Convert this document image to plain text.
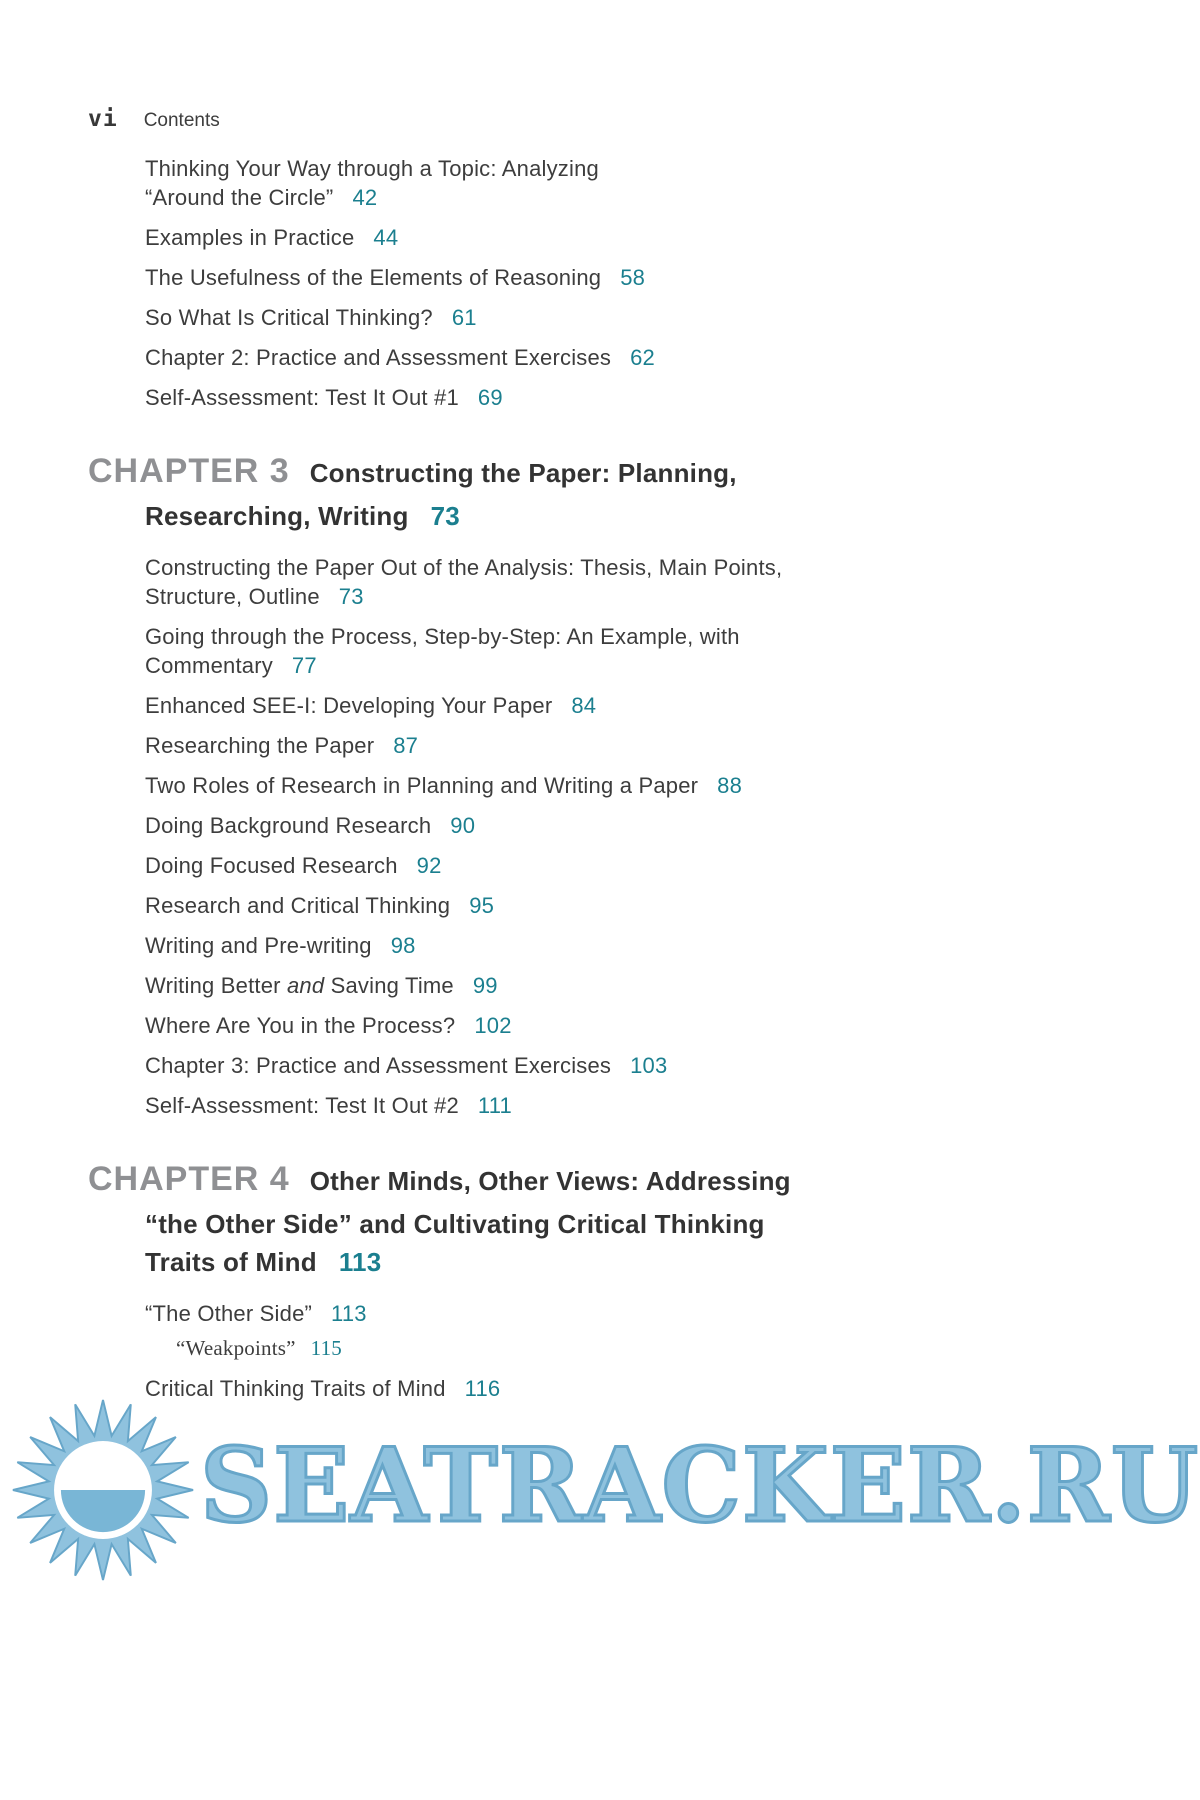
vi Contents
Thinking Your Way through a Topic: Analyzing
“Around the Circle” 42
Examples in Practice 44
The Usefulness of the Elements of Reasoning 58
So What Is Critical Thinking? 61
Chapter 2: Practice and Assessment Exercises 62
Self-Assessment: Test It Out #1 69
CHAPTER 3 Constructing the Paper: Planning,
Researching, Writing 73
Constructing the Paper Out of the Analysis: Thesis, Main Points,
Structure, Outline 73
Going through the Process, Step-by-Step: An Example, with
Commentary 77
Enhanced SEE-I: Developing Your Paper 84
Researching the Paper 87
Two Roles of Research in Planning and Writing a Paper 88
Doing Background Research 90
Doing Focused Research 92
Research and Critical Thinking 95
Writing and Pre-writing 98
Writing Better and Saving Time 99
Where Are You in the Process? 102
Chapter 3: Practice and Assessment Exercises 103
Self-Assessment: Test It Out #2 111
CHAPTER 4 Other Minds, Other Views: Addressing
“the Other Side” and Cultivating Critical Thinking
Traits of Mind 113
“The Other Side” 113
“Weakpoints” 115
Critical Thinking Traits of Mind 116
SEATRACKER.RU
